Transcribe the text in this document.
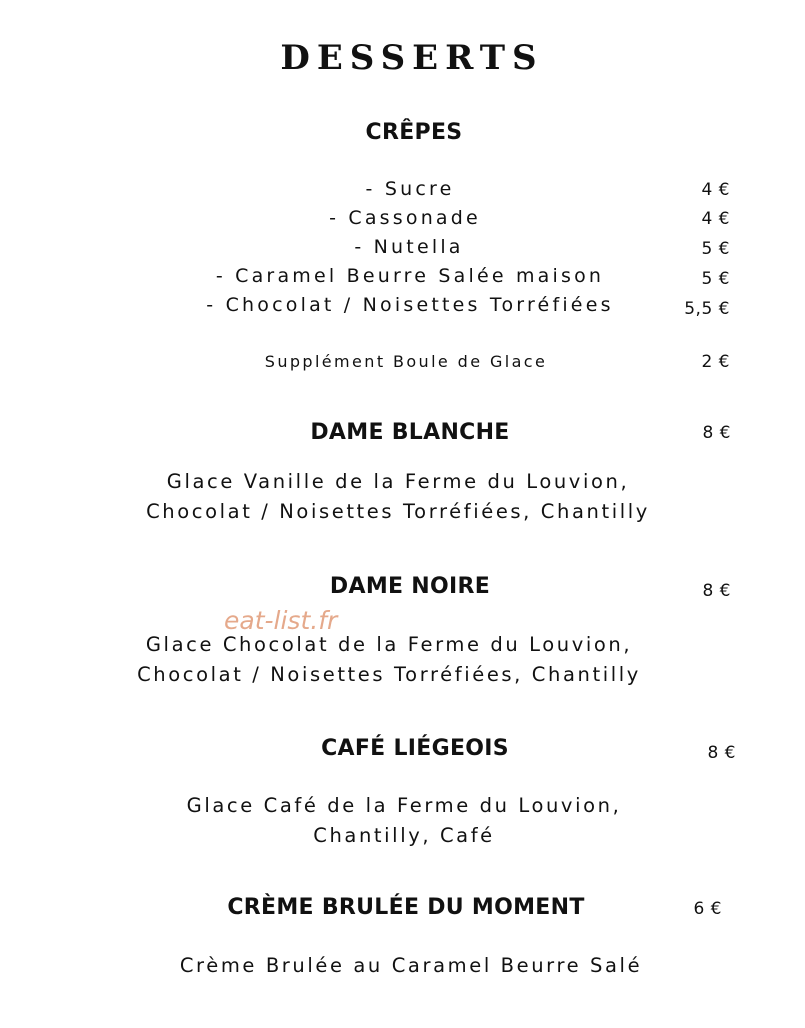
DESSERTS
CRÊPES
- Sucre	4 €
- Cassonade	4 €
- Nutella	5 €
- Caramel Beurre Salée maison	5 €
- Chocolat / Noisettes Torréfiées	5,5 €
Supplément Boule de Glace	2 €
DAME BLANCHE	8 €
Glace Vanille de la Ferme du Louvion,
Chocolat / Noisettes Torréfiées, Chantilly
DAME NOIRE	8 €
Glace Chocolat de la Ferme du Louvion,
Chocolat / Noisettes Torréfiées, Chantilly
eat-list.fr
CAFÉ LIÉGEOIS	8 €
Glace Café de la Ferme du Louvion,
Chantilly, Café
CRÈME BRULÉE DU MOMENT	6 €
Crème Brulée au Caramel Beurre Salé
